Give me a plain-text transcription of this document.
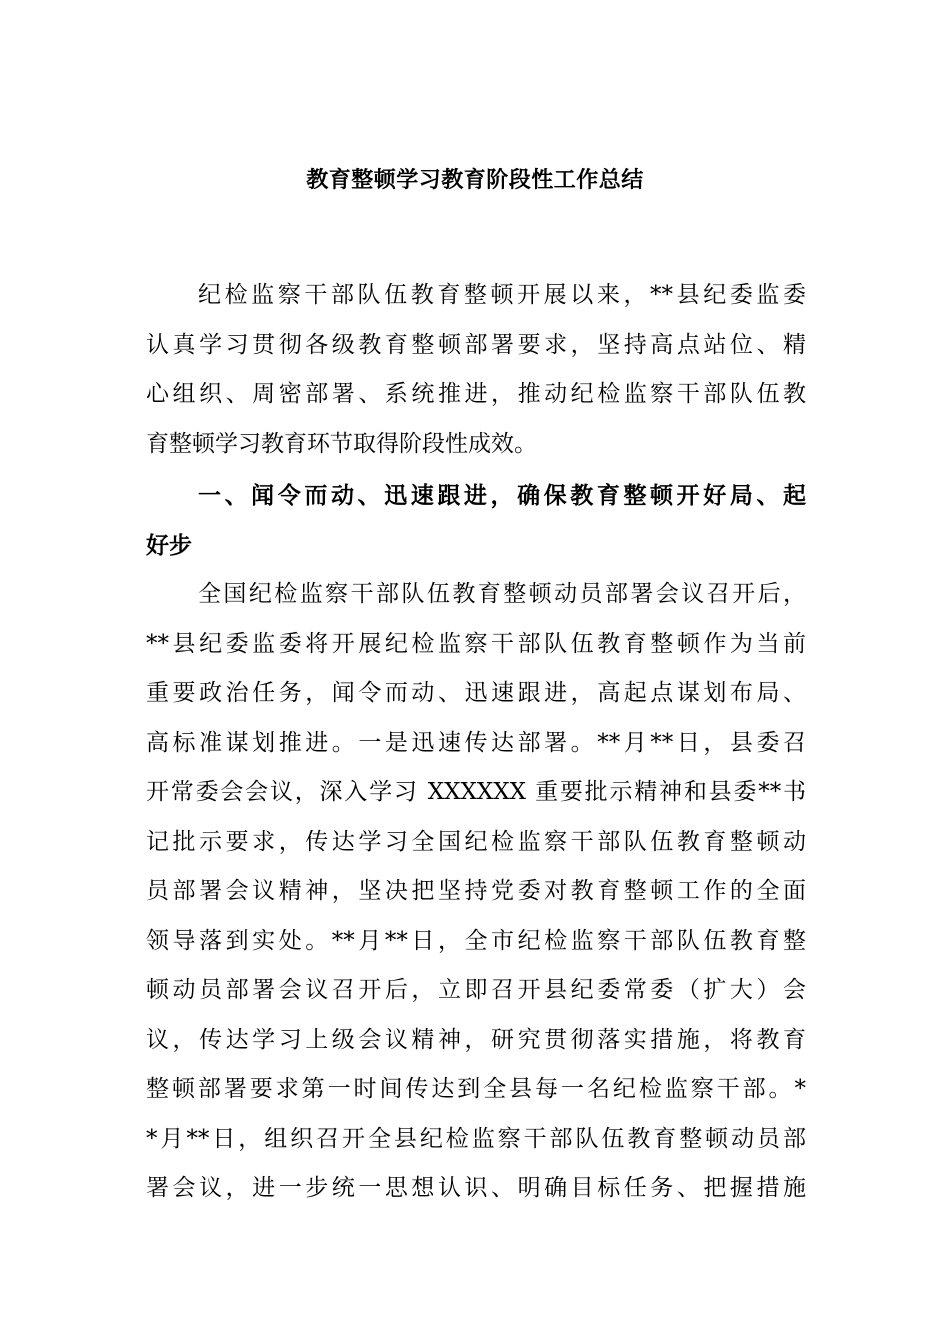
教育整顿学习教育阶段性工作总结
纪检监察干部队伍教育整顿开展以来，**县纪委监委
认真学习贯彻各级教育整顿部署要求，坚持高点站位、精
心组织、周密部署、系统推进，推动纪检监察干部队伍教
育整顿学习教育环节取得阶段性成效。
一、闻令而动、迅速跟进，确保教育整顿开好局、起
好步
全国纪检监察干部队伍教育整顿动员部署会议召开后，
**县纪委监委将开展纪检监察干部队伍教育整顿作为当前
重要政治任务，闻令而动、迅速跟进，高起点谋划布局、
高标准谋划推进。一是迅速传达部署。**月**日，县委召
开常委会会议，深入学习 XXXXXX 重要批示精神和县委**书
记批示要求，传达学习全国纪检监察干部队伍教育整顿动
员部署会议精神，坚决把坚持党委对教育整顿工作的全面
领导落到实处。**月**日，全市纪检监察干部队伍教育整
顿动员部署会议召开后，立即召开县纪委常委（扩大）会
议，传达学习上级会议精神，研究贯彻落实措施，将教育
整顿部署要求第一时间传达到全县每一名纪检监察干部。*
*月**日，组织召开全县纪检监察干部队伍教育整顿动员部
署会议，进一步统一思想认识、明确目标任务、把握措施
